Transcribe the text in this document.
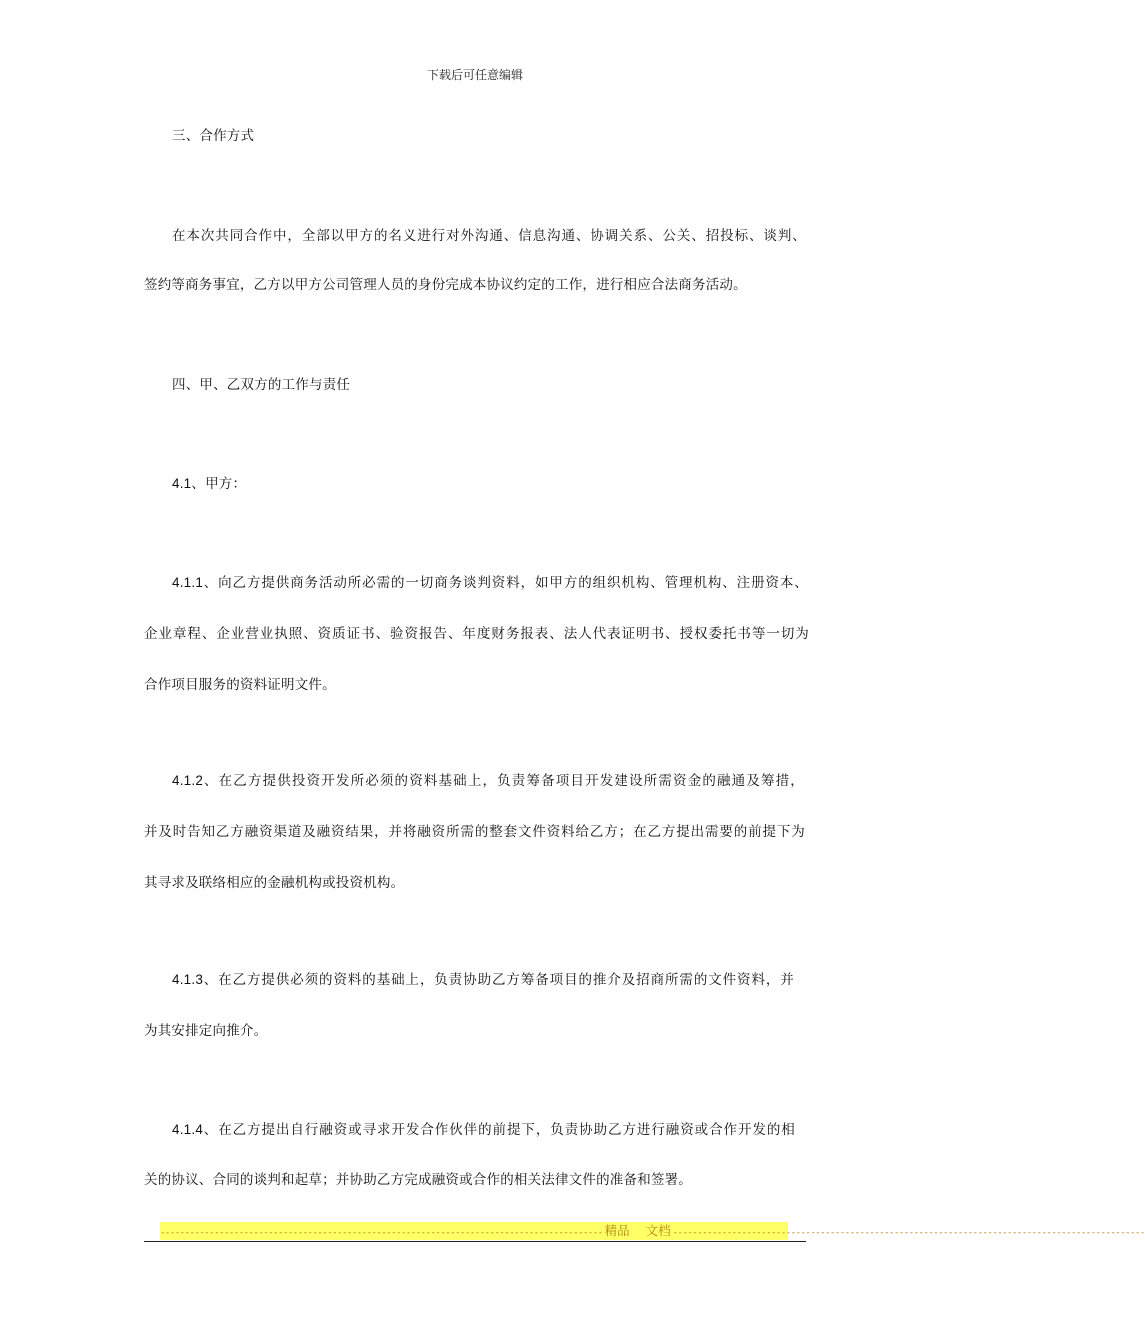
下载后可任意编辑
三、合作方式
在本次共同合作中，全部以甲方的名义进行对外沟通、信息沟通、协调关系、公关、招投标、谈判、
签约等商务事宜，乙方以甲方公司管理人员的身份完成本协议约定的工作，进行相应合法商务活动。
四、甲、乙双方的工作与责任
4.1、甲方：
4.1.1、向乙方提供商务活动所必需的一切商务谈判资料，如甲方的组织机构、管理机构、注册资本、
企业章程、企业营业执照、资质证书、验资报告、年度财务报表、法人代表证明书、授权委托书等一切为
合作项目服务的资料证明文件。
4.1.2、在乙方提供投资开发所必须的资料基础上，负责筹备项目开发建设所需资金的融通及筹措，
并及时告知乙方融资渠道及融资结果，并将融资所需的整套文件资料给乙方；在乙方提出需要的前提下为
其寻求及联络相应的金融机构或投资机构。
4.1.3、在乙方提供必须的资料的基础上，负责协助乙方筹备项目的推介及招商所需的文件资料，并
为其安排定向推介。
4.1.4、在乙方提出自行融资或寻求开发合作伙伴的前提下，负责协助乙方进行融资或合作开发的相
关的协议、合同的谈判和起草；并协助乙方完成融资或合作的相关法律文件的准备和签署。
------------------------------------------------------------------------------------------ 精品 文档 ------------------------------------------------------------------------------------------------
